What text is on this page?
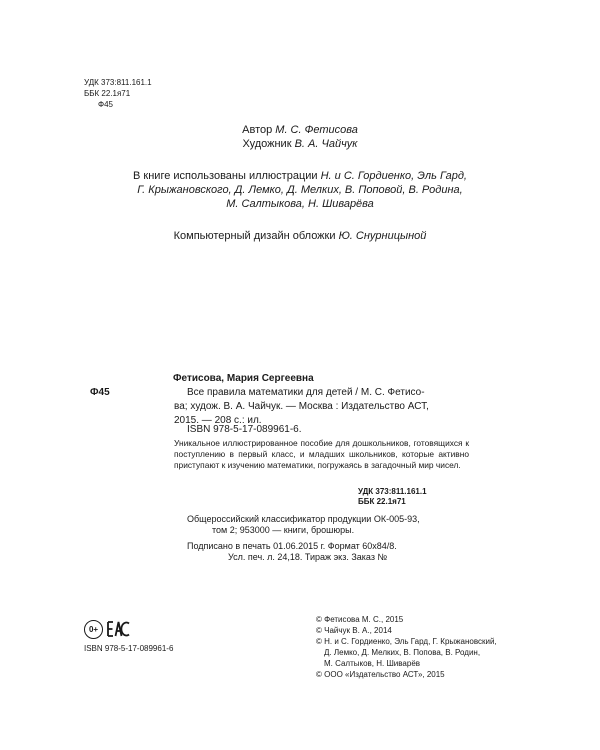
УДК 373:811.161.1
ББК 22.1я71
Ф45
Автор М. С. Фетисова
Художник В. А. Чайчук
В книге использованы иллюстрации Н. и С. Гордиенко, Эль Гард,
Г. Крыжановского, Д. Лемко, Д. Мелких, В. Поповой, В. Родина,
М. Салтыкова, Н. Шиварёва
Компьютерный дизайн обложки Ю. Снурницыной
Фетисова, Мария Сергеевна
Ф45	Все правила математики для детей / М. С. Фетисо-
ва; худож. В. А. Чайчук. — Москва : Издательство АСТ,
2015. — 208 с.: ил.
ISBN 978-5-17-089961-6.
Уникальное иллюстрированное пособие для дошкольников, готовящихся к поступлению в первый класс, и младших школьников, которые активно приступают к изучению математики, погружаясь в загадочный мир чисел.
УДК 373:811.161.1
ББК 22.1я71
Общероссийский классификатор продукции ОК-005-93,
том 2; 953000 — книги, брошюры.
Подписано в печать 01.06.2015 г. Формат 60х84/8.
Усл. печ. л. 24,18. Тираж экз. Заказ №
0+
ISBN 978-5-17-089961-6
© Фетисова М. С., 2015
© Чайчук В. А., 2014
© Н. и С. Гордиенко, Эль Гард, Г. Крыжановский,
Д. Лемко, Д. Мелких, В. Попова, В. Родин,
М. Салтыков, Н. Шиварёв
© ООО «Издательство АСТ», 2015
